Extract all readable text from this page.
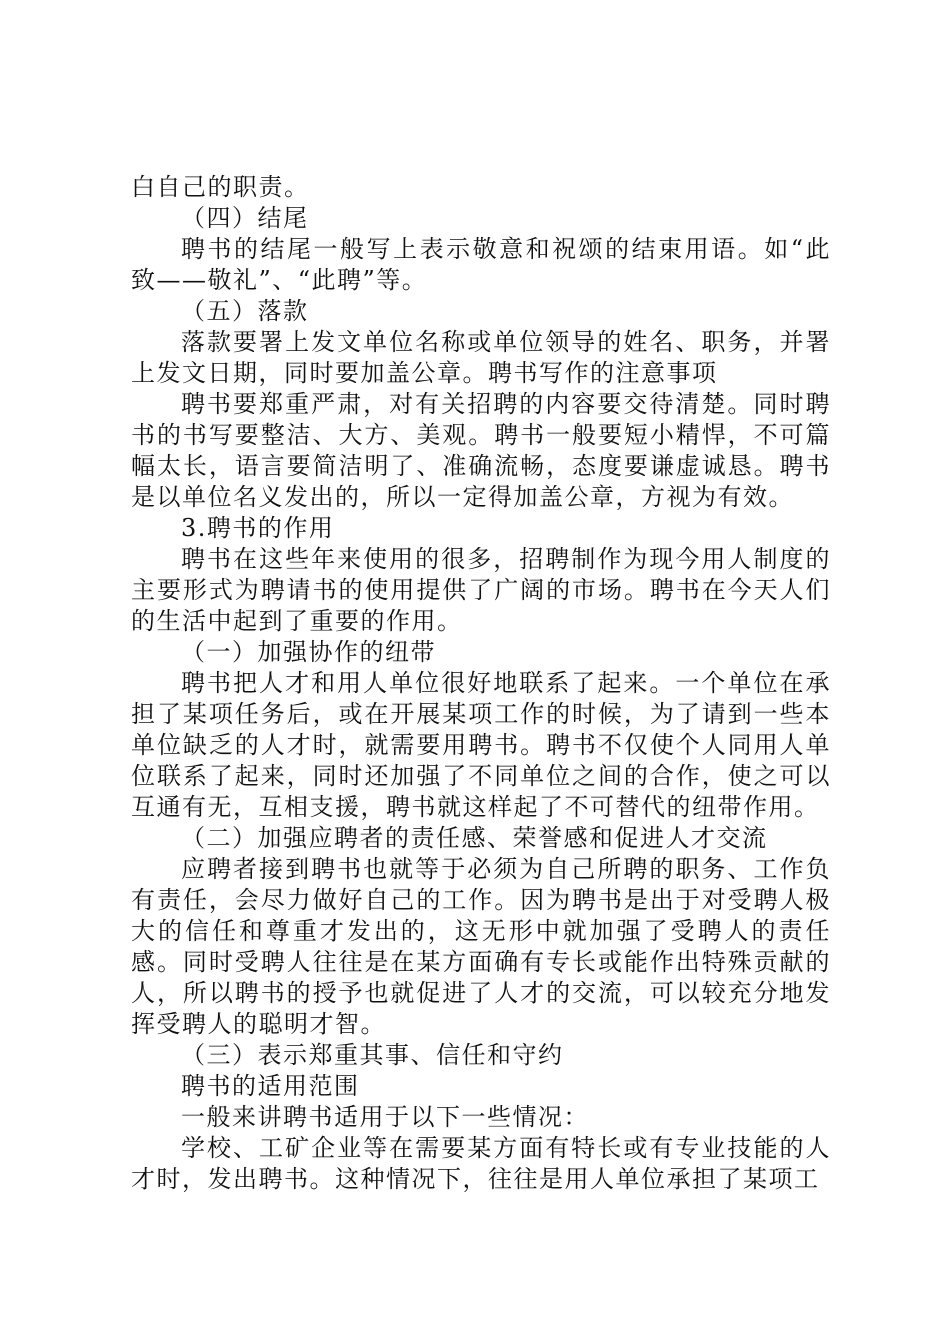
白自己的职责。

（四）结尾

聘书的结尾一般写上表示敬意和祝颂的结束用语。如“此致——敬礼”、“此聘”等。

（五）落款

落款要署上发文单位名称或单位领导的姓名、职务，并署上发文日期，同时要加盖公章。聘书写作的注意事项

聘书要郑重严肃，对有关招聘的内容要交待清楚。同时聘书的书写要整洁、大方、美观。聘书一般要短小精悍，不可篇幅太长，语言要简洁明了、准确流畅，态度要谦虚诚恳。聘书是以单位名义发出的，所以一定得加盖公章，方视为有效。

3.聘书的作用

聘书在这些年来使用的很多，招聘制作为现今用人制度的主要形式为聘请书的使用提供了广阔的市场。聘书在今天人们的生活中起到了重要的作用。

（一）加强协作的纽带

聘书把人才和用人单位很好地联系了起来。一个单位在承担了某项任务后，或在开展某项工作的时候，为了请到一些本单位缺乏的人才时，就需要用聘书。聘书不仅使个人同用人单位联系了起来，同时还加强了不同单位之间的合作，使之可以互通有无，互相支援，聘书就这样起了不可替代的纽带作用。

（二）加强应聘者的责任感、荣誉感和促进人才交流

应聘者接到聘书也就等于必须为自己所聘的职务、工作负有责任，会尽力做好自己的工作。因为聘书是出于对受聘人极大的信任和尊重才发出的，这无形中就加强了受聘人的责任感。同时受聘人往往是在某方面确有专长或能作出特殊贡献的人，所以聘书的授予也就促进了人才的交流，可以较充分地发挥受聘人的聪明才智。

（三）表示郑重其事、信任和守约

聘书的适用范围

一般来讲聘书适用于以下一些情况：

学校、工矿企业等在需要某方面有特长或有专业技能的人才时，发出聘书。这种情况下，往往是用人单位承担了某项工
